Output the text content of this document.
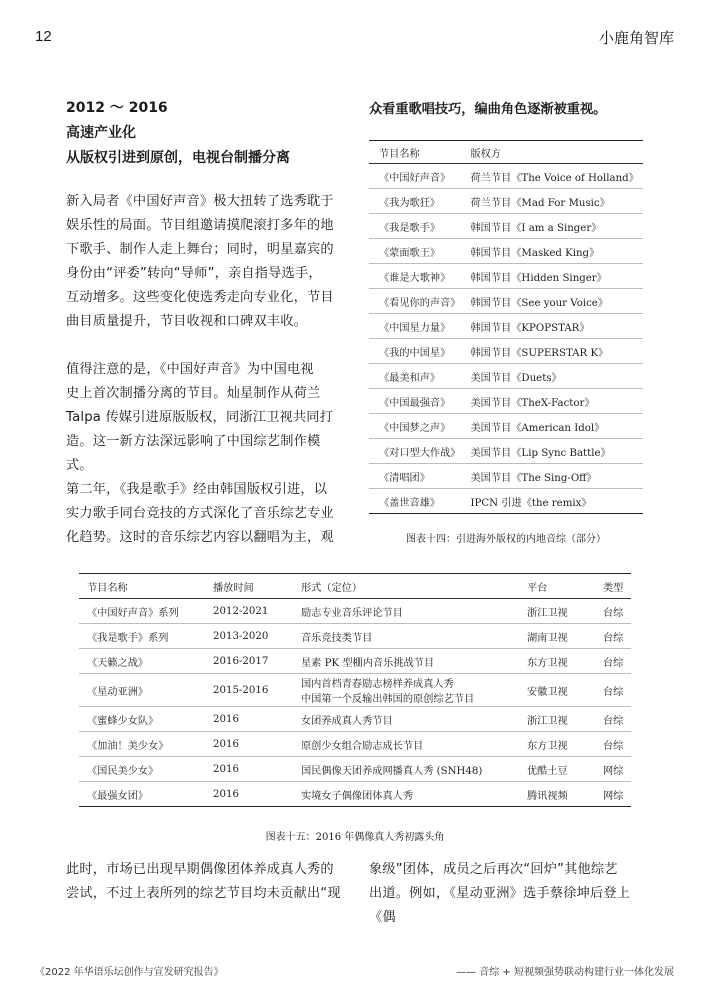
12	小鹿角智库
2012 ～ 2016
高速产业化
从版权引进到原创，电视台制播分离

新入局者《中国好声音》极大扭转了选秀耽于

娱乐性的局面。节目组邀请摸爬滚打多年的地

下歌手、制作人走上舞台；同时，明星嘉宾的

身份由“评委”转向“导师”，亲自指导选手，

互动增多。这些变化使选秀走向专业化，节目

曲目质量提升，节目收视和口碑双丰收。

值得注意的是，《中国好声音》为中国电视

史上首次制播分离的节目。灿星制作从荷兰

Talpa 传媒引进原版版权，同浙江卫视共同打

造。这一新方法深远影响了中国综艺制作模式。

第二年，《我是歌手》经由韩国版权引进，以

实力歌手同台竞技的方式深化了音乐综艺专业

化趋势。这时的音乐综艺内容以翻唱为主，观

众看重歌唱技巧，编曲角色逐渐被重视。
节目名称	版权方
《中国好声音》	荷兰节目《The Voice of Holland》
《我为歌狂》	荷兰节目《Mad For Music》
《我是歌手》	韩国节目《I am a Singer》
《蒙面歌王》	韩国节目《Masked King》
《谁是大歌神》	韩国节目《Hidden Singer》
《看见你的声音》	韩国节目《See your Voice》
《中国星力量》	韩国节目《KPOPSTAR》
《我的中国星》	韩国节目《SUPERSTAR K》
《最美和声》	美国节目《Duets》
《中国最强音》	美国节目《TheX-Factor》
《中国梦之声》	美国节目《American Idol》
《对口型大作战》	美国节目《Lip Sync Battle》
《清唱团》	美国节目《The Sing-Off》
《盖世音雄》	IPCN 引进《the remix》
图表十四：引进海外版权的内地音综（部分）
节目名称	播放时间	形式（定位）	平台	类型
《中国好声音》系列	2012-2021	励志专业音乐评论节目	浙江卫视	台综
《我是歌手》系列	2013-2020	音乐竞技类节目	湖南卫视	台综
《天籁之战》	2016-2017	星素 PK 型棚内音乐挑战节目	东方卫视	台综
《星动亚洲》	2015-2016	国内首档青春励志榜样养成真人秀
中国第一个反输出韩国的原创综艺节目	安徽卫视	台综
《蜜蜂少女队》	2016	女团养成真人秀节目	浙江卫视	台综
《加油！美少女》	2016	原创少女组合励志成长节目	东方卫视	台综
《国民美少女》	2016	国民偶像天团养成网播真人秀 (SNH48)	优酷土豆	网综
《最强女团》	2016	实境女子偶像团体真人秀	腾讯视频	网综
图表十五：2016 年偶像真人秀初露头角

此时，市场已出现早期偶像团体养成真人秀的

尝试，不过上表所列的综艺节目均未贡献出“现

象级”团体，成员之后再次“回炉”其他综艺

出道。例如，《星动亚洲》选手蔡徐坤后登上《偶

《2022 年华语乐坛创作与宣发研究报告》	—— 音综 + 短视频强势联动构建行业一体化发展
